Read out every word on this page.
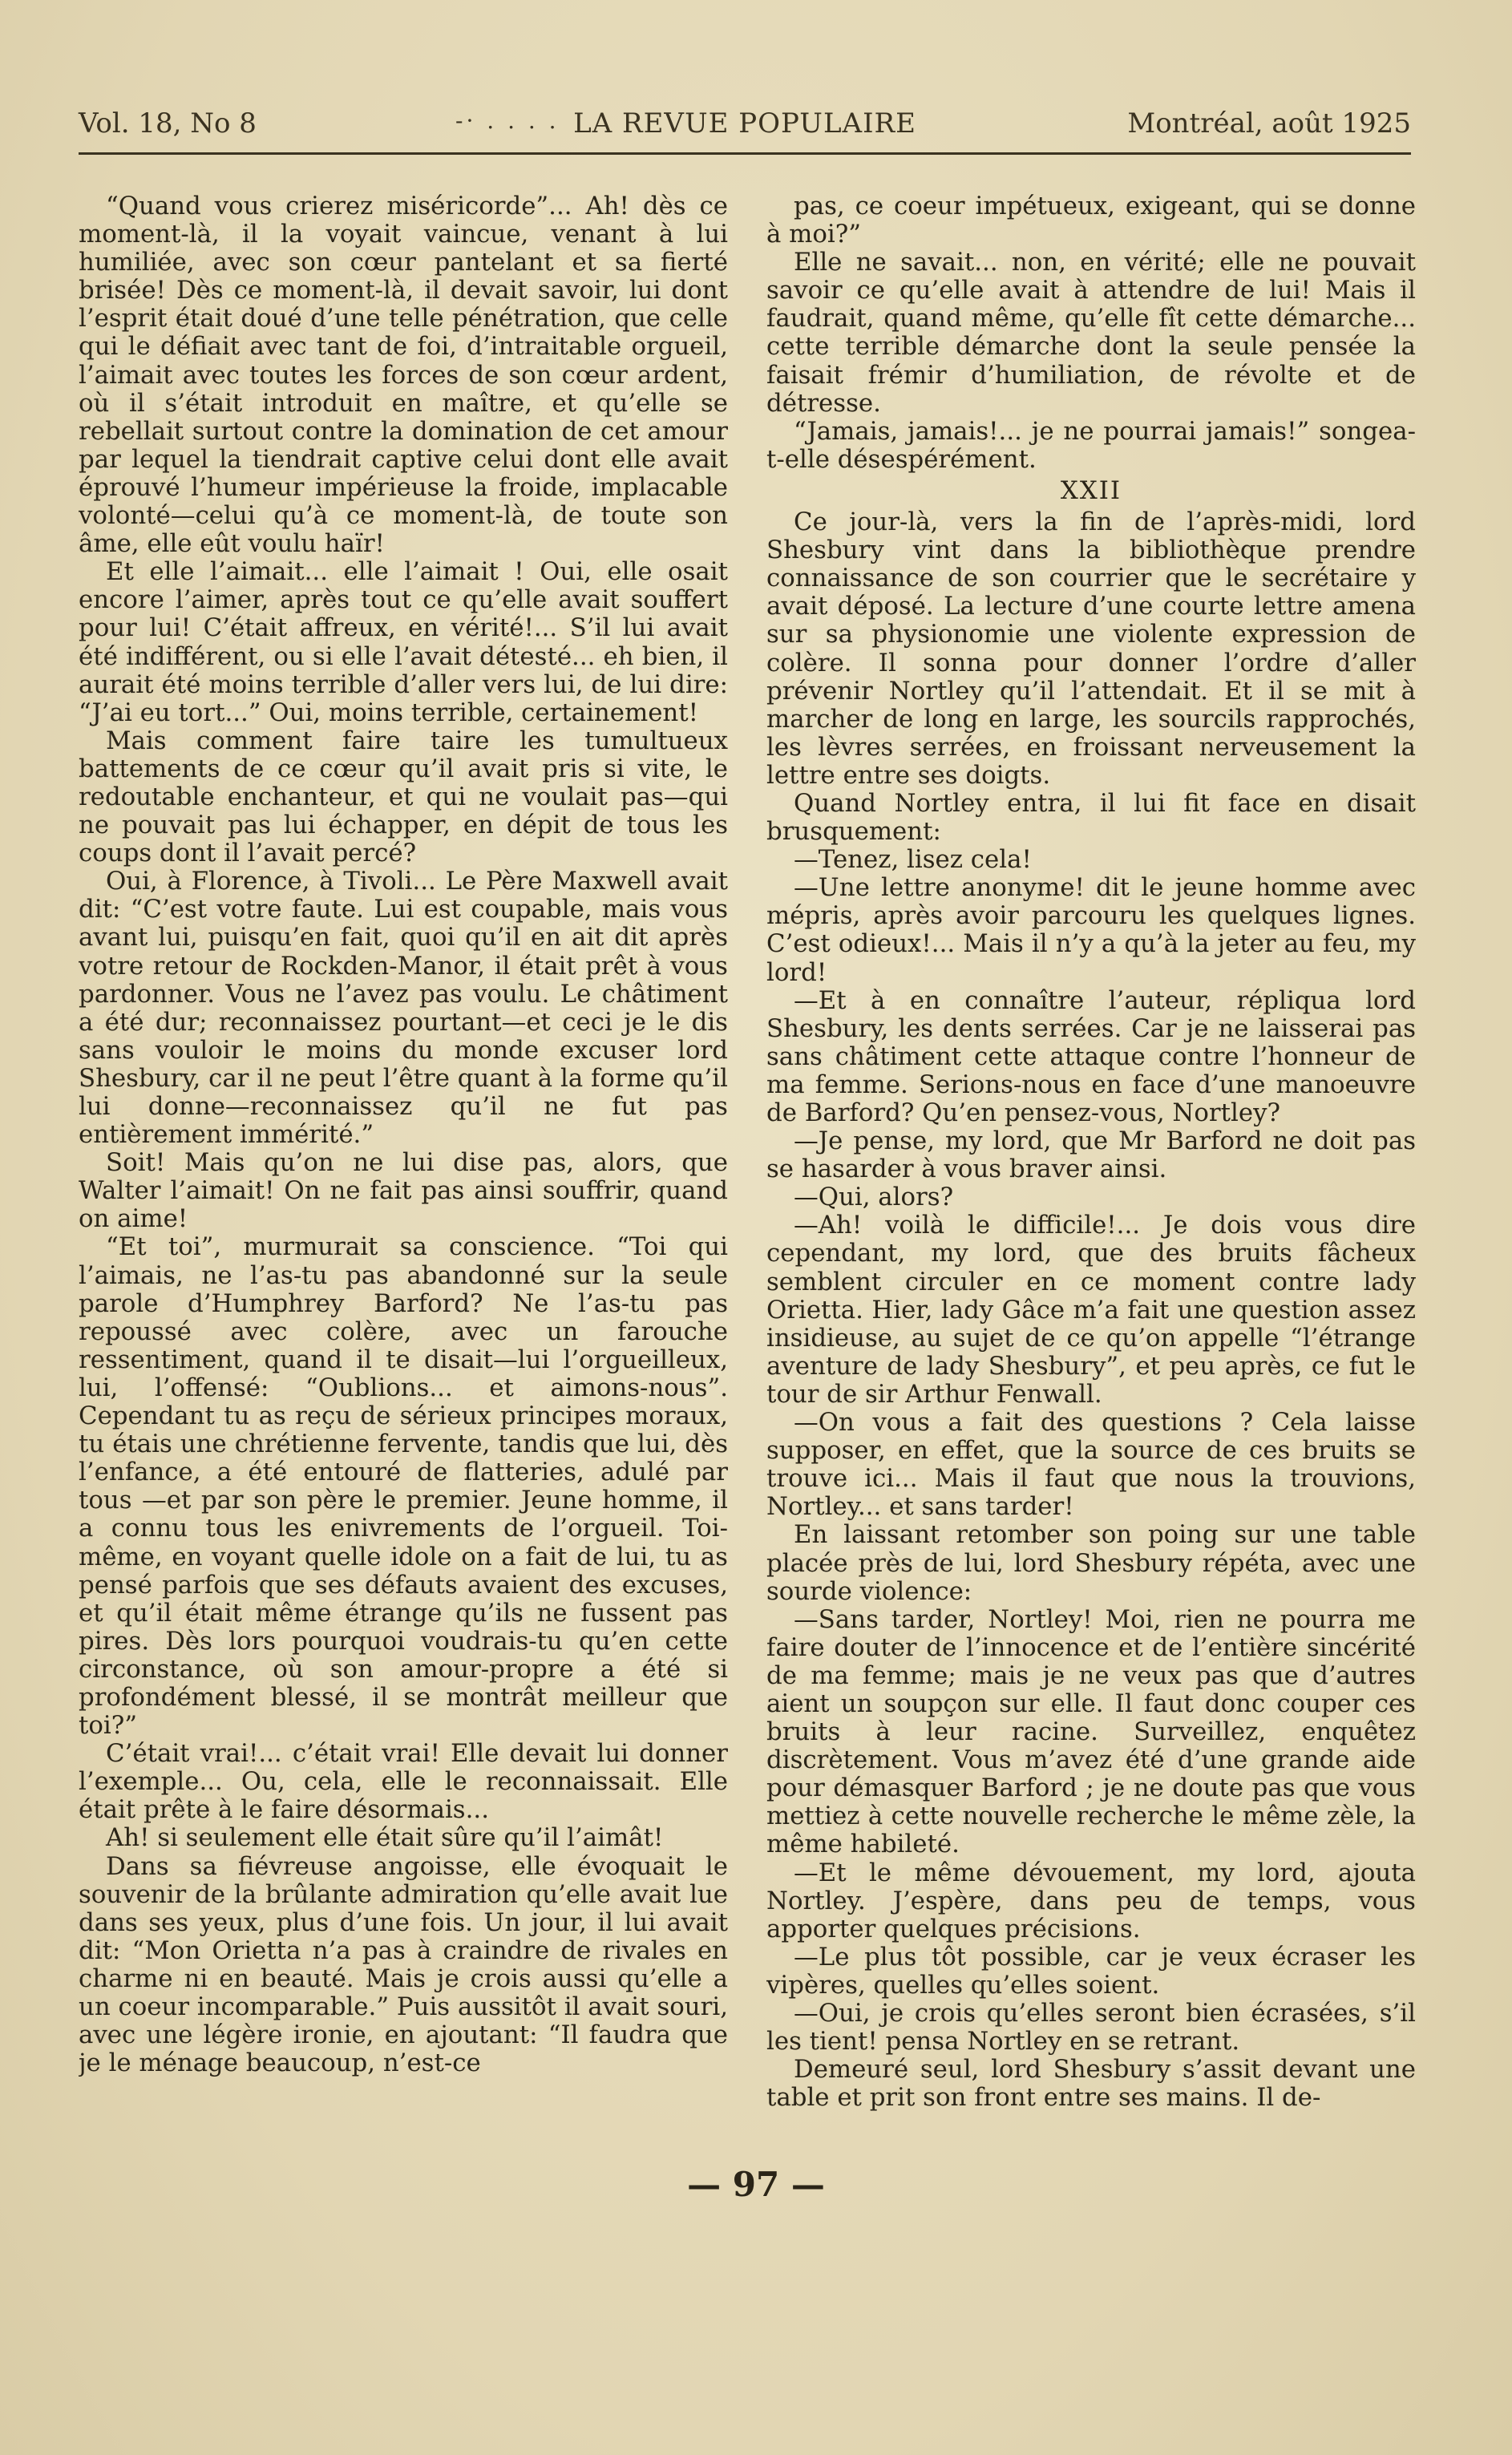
Vol. 18, No 8	-· . . . . LA REVUE POPULAIRE	Montréal, août 1925

“Quand vous crierez miséricorde”... Ah! dès ce moment-là, il la voyait vaincue, venant à lui humiliée, avec son cœur pantelant et sa fierté brisée! Dès ce moment-là, il devait savoir, lui dont l’esprit était doué d’une telle pénétration, que celle qui le défiait avec tant de foi, d’intraitable orgueil, l’aimait avec toutes les forces de son cœur ardent, où il s’était introduit en maître, et qu’elle se rebellait surtout contre la domination de cet amour par lequel la tiendrait captive celui dont elle avait éprouvé l’humeur impérieuse la froide, implacable volonté—celui qu’à ce moment-là, de toute son âme, elle eût voulu haïr!

Et elle l’aimait... elle l’aimait ! Oui, elle osait encore l’aimer, après tout ce qu’elle avait souffert pour lui! C’était affreux, en vérité!... S’il lui avait été indifférent, ou si elle l’avait détesté... eh bien, il aurait été moins terrible d’aller vers lui, de lui dire: “J’ai eu tort...” Oui, moins terrible, certainement!

Mais comment faire taire les tumultueux battements de ce cœur qu’il avait pris si vite, le redoutable enchanteur, et qui ne voulait pas—qui ne pouvait pas lui échapper, en dépit de tous les coups dont il l’avait percé?

Oui, à Florence, à Tivoli... Le Père Maxwell avait dit: “C’est votre faute. Lui est coupable, mais vous avant lui, puisqu’en fait, quoi qu’il en ait dit après votre retour de Rockden-Manor, il était prêt à vous pardonner. Vous ne l’avez pas voulu. Le châtiment a été dur; reconnaissez pourtant—et ceci je le dis sans vouloir le moins du monde excuser lord Shesbury, car il ne peut l’être quant à la forme qu’il lui donne—reconnaissez qu’il ne fut pas entièrement immérité.”

Soit! Mais qu’on ne lui dise pas, alors, que Walter l’aimait! On ne fait pas ainsi souffrir, quand on aime!

“Et toi”, murmurait sa conscience. “Toi qui l’aimais, ne l’as-tu pas abandonné sur la seule parole d’Humphrey Barford? Ne l’as-tu pas repoussé avec colère, avec un farouche ressentiment, quand il te disait—lui l’orgueilleux, lui, l’offensé: “Oublions... et aimons-nous”. Cependant tu as reçu de sérieux principes moraux, tu étais une chrétienne fervente, tandis que lui, dès l’enfance, a été entouré de flatteries, adulé par tous —et par son père le premier. Jeune homme, il a connu tous les enivrements de l’orgueil. Toi-même, en voyant quelle idole on a fait de lui, tu as pensé parfois que ses défauts avaient des excuses, et qu’il était même étrange qu’ils ne fussent pas pires. Dès lors pourquoi voudrais-tu qu’en cette circonstance, où son amour-propre a été si profondément blessé, il se montrât meilleur que toi?”

C’était vrai!... c’était vrai! Elle devait lui donner l’exemple... Ou, cela, elle le reconnaissait. Elle était prête à le faire désormais...

Ah! si seulement elle était sûre qu’il l’aimât!

Dans sa fiévreuse angoisse, elle évoquait le souvenir de la brûlante admiration qu’elle avait lue dans ses yeux, plus d’une fois. Un jour, il lui avait dit: “Mon Orietta n’a pas à craindre de rivales en charme ni en beauté. Mais je crois aussi qu’elle a un coeur incomparable.” Puis aussitôt il avait souri, avec une légère ironie, en ajoutant: “Il faudra que je le ménage beaucoup, n’est-ce

pas, ce coeur impétueux, exigeant, qui se donne à moi?”

Elle ne savait... non, en vérité; elle ne pouvait savoir ce qu’elle avait à attendre de lui! Mais il faudrait, quand même, qu’elle fît cette démarche... cette terrible démarche dont la seule pensée la faisait frémir d’humiliation, de révolte et de détresse.

“Jamais, jamais!... je ne pourrai jamais!” songea-t-elle désespérément.

XXII

Ce jour-là, vers la fin de l’après-midi, lord Shesbury vint dans la bibliothèque prendre connaissance de son courrier que le secrétaire y avait déposé. La lecture d’une courte lettre amena sur sa physionomie une violente expression de colère. Il sonna pour donner l’ordre d’aller prévenir Nortley qu’il l’attendait. Et il se mit à marcher de long en large, les sourcils rapprochés, les lèvres serrées, en froissant nerveusement la lettre entre ses doigts.

Quand Nortley entra, il lui fit face en disait brusquement:

—Tenez, lisez cela!

—Une lettre anonyme! dit le jeune homme avec mépris, après avoir parcouru les quelques lignes. C’est odieux!... Mais il n’y a qu’à la jeter au feu, my lord!

—Et à en connaître l’auteur, répliqua lord Shesbury, les dents serrées. Car je ne laisserai pas sans châtiment cette attaque contre l’honneur de ma femme. Serions-nous en face d’une manoeuvre de Barford? Qu’en pensez-vous, Nortley?

—Je pense, my lord, que Mr Barford ne doit pas se hasarder à vous braver ainsi.

—Qui, alors?

—Ah! voilà le difficile!... Je dois vous dire cependant, my lord, que des bruits fâcheux semblent circuler en ce moment contre lady Orietta. Hier, lady Gâce m’a fait une question assez insidieuse, au sujet de ce qu’on appelle “l’étrange aventure de lady Shesbury”, et peu après, ce fut le tour de sir Arthur Fenwall.

—On vous a fait des questions ? Cela laisse supposer, en effet, que la source de ces bruits se trouve ici... Mais il faut que nous la trouvions, Nortley... et sans tarder!

En laissant retomber son poing sur une table placée près de lui, lord Shesbury répéta, avec une sourde violence:

—Sans tarder, Nortley! Moi, rien ne pourra me faire douter de l’innocence et de l’entière sincérité de ma femme; mais je ne veux pas que d’autres aient un soupçon sur elle. Il faut donc couper ces bruits à leur racine. Surveillez, enquêtez discrètement. Vous m’avez été d’une grande aide pour démasquer Barford ; je ne doute pas que vous mettiez à cette nouvelle recherche le même zèle, la même habileté.

—Et le même dévouement, my lord, ajouta Nortley. J’espère, dans peu de temps, vous apporter quelques précisions.

—Le plus tôt possible, car je veux écraser les vipères, quelles qu’elles soient.

—Oui, je crois qu’elles seront bien écrasées, s’il les tient! pensa Nortley en se retrant.

Demeuré seul, lord Shesbury s’assit devant une table et prit son front entre ses mains. Il de-

— 97 —
